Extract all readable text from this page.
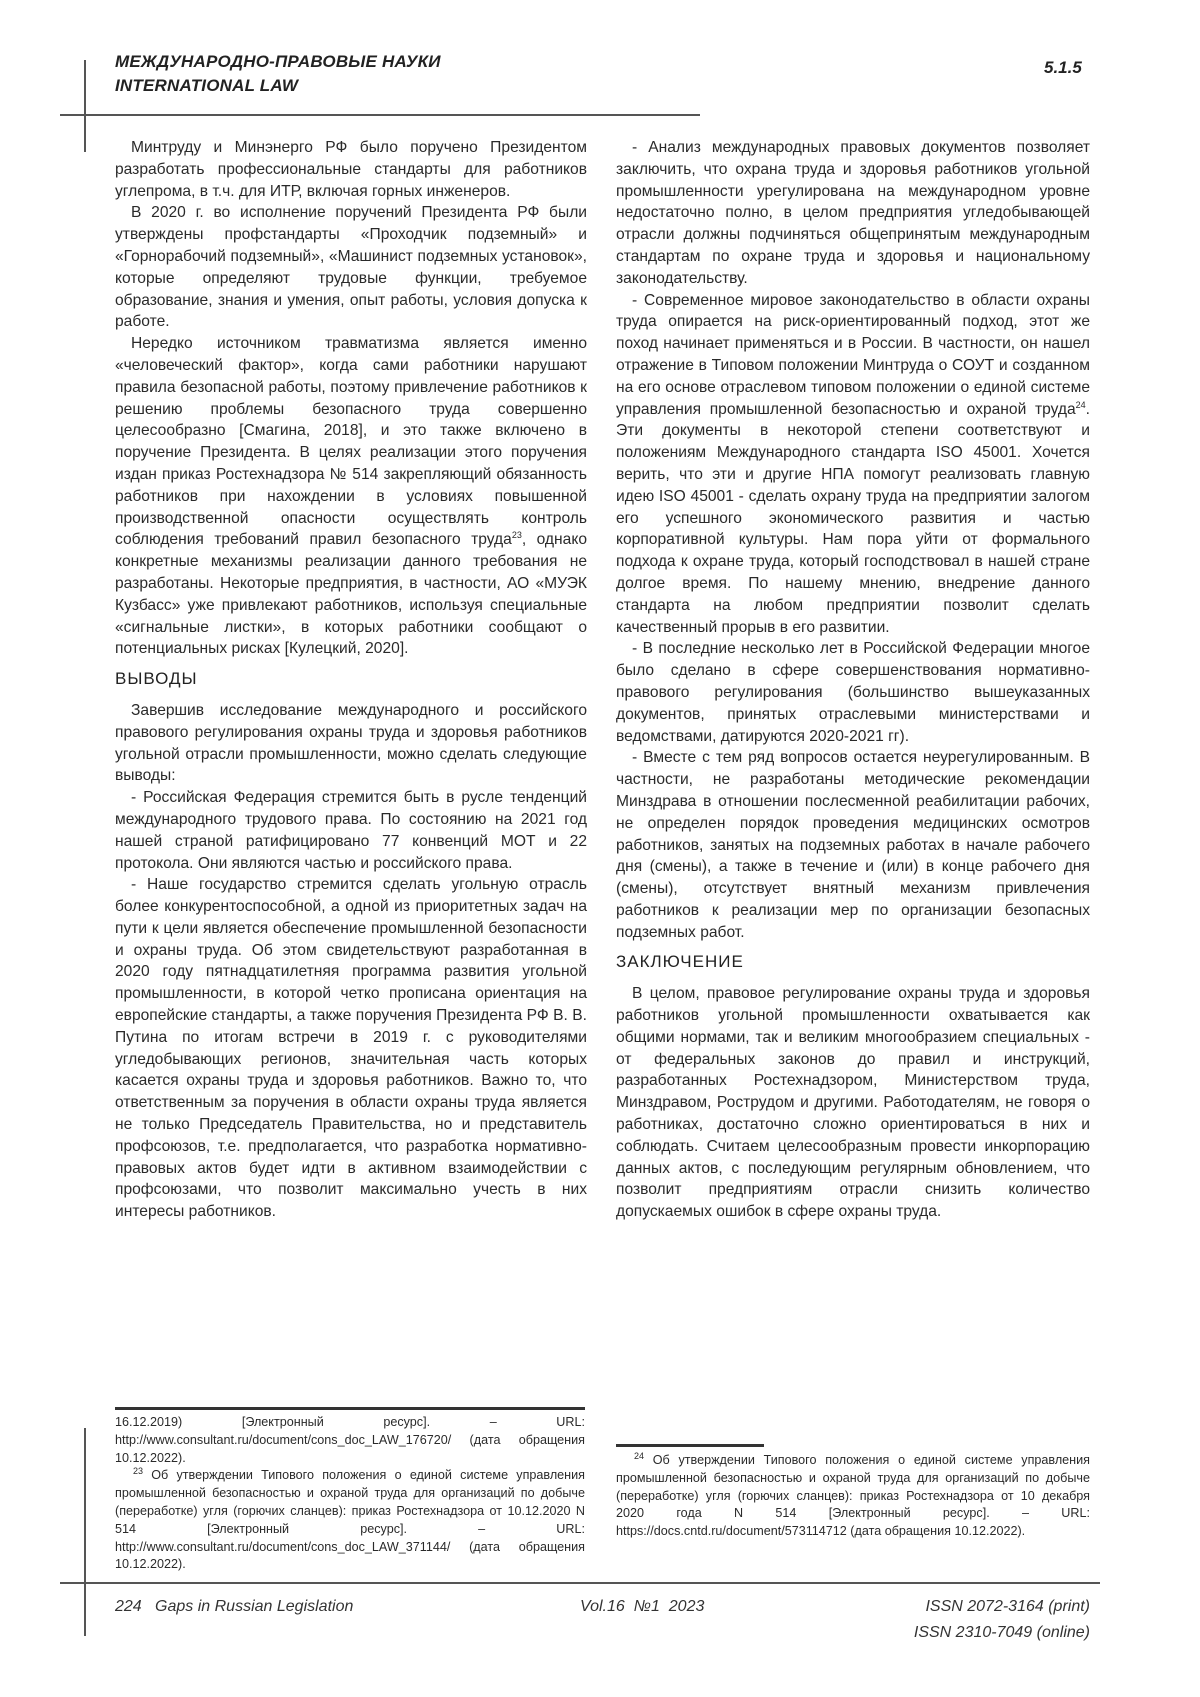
МЕЖДУНАРОДНО-ПРАВОВЫЕ НАУКИ
INTERNATIONAL LAW
5.1.5

Минтруду и Минэнерго РФ было поручено Президентом разработать профессиональные стандарты для работников углепрома, в т.ч. для ИТР, включая горных инженеров.

В 2020 г. во исполнение поручений Президента РФ были утверждены профстандарты «Проходчик подземный» и «Горнорабочий подземный», «Машинист подземных установок», которые определяют трудовые функции, требуемое образование, знания и умения, опыт работы, условия допуска к работе.

Нередко источником травматизма является именно «человеческий фактор», когда сами работники нарушают правила безопасной работы, поэтому привлечение работников к решению проблемы безопасного труда совершенно целесообразно [Смагина, 2018], и это также включено в поручение Президента. В целях реализации этого поручения издан приказ Ростехнадзора № 514 закрепляющий обязанность работников при нахождении в условиях повышенной производственной опасности осуществлять контроль соблюдения требований правил безопасного труда$^{23}$, однако конкретные механизмы реализации данного требования не разработаны. Некоторые предприятия, в частности, АО «МУЭК Кузбасс» уже привлекают работников, используя специальные «сигнальные листки», в которых работники сообщают о потенциальных рисках [Кулецкий, 2020].

ВЫВОДЫ

Завершив исследование международного и российского правового регулирования охраны труда и здоровья работников угольной отрасли промышленности, можно сделать следующие выводы:

- Российская Федерация стремится быть в русле тенденций международного трудового права. По состоянию на 2021 год нашей страной ратифицировано 77 конвенций МОТ и 22 протокола. Они являются частью и российского права.

- Наше государство стремится сделать угольную отрасль более конкурентоспособной, а одной из приоритетных задач на пути к цели является обеспечение промышленной безопасности и охраны труда. Об этом свидетельствуют разработанная в 2020 году пятнадцатилетняя программа развития угольной промышленности, в которой четко прописана ориентация на европейские стандарты, а также поручения Президента РФ В. В. Путина по итогам встречи в 2019 г. с руководителями угледобывающих регионов, значительная часть которых касается охраны труда и здоровья работников. Важно то, что ответственным за поручения в области охраны труда является не только Председатель Правительства, но и представитель профсоюзов, т.е. предполагается, что разработка нормативно-правовых актов будет идти в активном взаимодействии с профсоюзами, что позволит максимально учесть в них интересы работников.

- Анализ международных правовых документов позволяет заключить, что охрана труда и здоровья работников угольной промышленности урегулирована на международном уровне недостаточно полно, в целом предприятия угледобывающей отрасли должны подчиняться общепринятым международным стандартам по охране труда и здоровья и национальному законодательству.

- Современное мировое законодательство в области охраны труда опирается на риск-ориентированный подход, этот же поход начинает применяться и в России. В частности, он нашел отражение в Типовом положении Минтруда о СОУТ и созданном на его основе отраслевом типовом положении о единой системе управления промышленной безопасностью и охраной труда$^{24}$. Эти документы в некоторой степени соответствуют и положениям Международного стандарта ISO 45001. Хочется верить, что эти и другие НПА помогут реализовать главную идею ISO 45001 - сделать охрану труда на предприятии залогом его успешного экономического развития и частью корпоративной культуры. Нам пора уйти от формального подхода к охране труда, который господствовал в нашей стране долгое время. По нашему мнению, внедрение данного стандарта на любом предприятии позволит сделать качественный прорыв в его развитии.

- В последние несколько лет в Российской Федерации многое было сделано в сфере совершенствования нормативно-правового регулирования (большинство вышеуказанных документов, принятых отраслевыми министерствами и ведомствами, датируются 2020-2021 гг).

- Вместе с тем ряд вопросов остается неурегулированным. В частности, не разработаны методические рекомендации Минздрава в отношении послесменной реабилитации рабочих, не определен порядок проведения медицинских осмотров работников, занятых на подземных работах в начале рабочего дня (смены), а также в течение и (или) в конце рабочего дня (смены), отсутствует внятный механизм привлечения работников к реализации мер по организации безопасных подземных работ.

ЗАКЛЮЧЕНИЕ

В целом, правовое регулирование охраны труда и здоровья работников угольной промышленности охватывается как общими нормами, так и великим многообразием специальных - от федеральных законов до правил и инструкций, разработанных Ростехнадзором, Министерством труда, Минздравом, Рострудом и другими. Работодателям, не говоря о работниках, достаточно сложно ориентироваться в них и соблюдать. Считаем целесообразным провести инкорпорацию данных актов, с последующим регулярным обновлением, что позволит предприятиям отрасли снизить количество допускаемых ошибок в сфере охраны труда.

16.12.2019) [Электронный ресурс]. – URL: http://www.consultant.ru/document/cons_doc_LAW_176720/ (дата обращения 10.12.2022).

$^{23}$ Об утверждении Типового положения о единой системе управления промышленной безопасностью и охраной труда для организаций по добыче (переработке) угля (горючих сланцев): приказ Ростехнадзора от 10.12.2020 N 514 [Электронный ресурс]. – URL: http://www.consultant.ru/document/cons_doc_LAW_371144/ (дата обращения 10.12.2022).

$^{24}$ Об утверждении Типового положения о единой системе управления промышленной безопасностью и охраной труда для организаций по добыче (переработке) угля (горючих сланцев): приказ Ростехнадзора от 10 декабря 2020 года N 514 [Электронный ресурс]. – URL: https://docs.cntd.ru/document/573114712 (дата обращения 10.12.2022).

224   Gaps in Russian Legislation	Vol.16  №1  2023	ISSN 2072-3164 (print)
ISSN 2310-7049 (online)
